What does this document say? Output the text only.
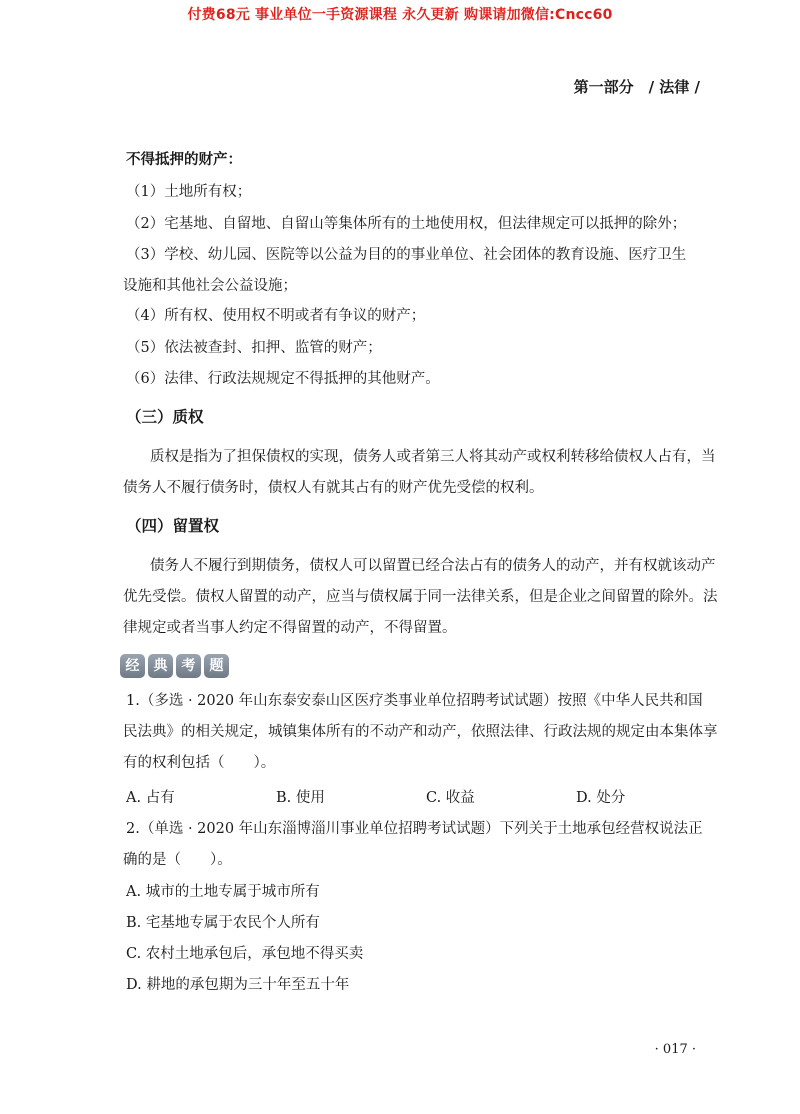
付费68元 事业单位一手资源课程 永久更新 购课请加微信:Cncc60
第一部分　/ 法律 /
不得抵押的财产：
（1）土地所有权；
（2）宅基地、自留地、自留山等集体所有的土地使用权，但法律规定可以抵押的除外；
（3）学校、幼儿园、医院等以公益为目的的事业单位、社会团体的教育设施、医疗卫生
设施和其他社会公益设施；
（4）所有权、使用权不明或者有争议的财产；
（5）依法被查封、扣押、监管的财产；
（6）法律、行政法规规定不得抵押的其他财产。
（三）质权
质权是指为了担保债权的实现，债务人或者第三人将其动产或权利转移给债权人占有，当
债务人不履行债务时，债权人有就其占有的财产优先受偿的权利。
（四）留置权
债务人不履行到期债务，债权人可以留置已经合法占有的债务人的动产，并有权就该动产
优先受偿。债权人留置的动产，应当与债权属于同一法律关系，但是企业之间留置的除外。法
律规定或者当事人约定不得留置的动产，不得留置。
经	典	考	题
1.（多选 · 2020 年山东泰安泰山区医疗类事业单位招聘考试试题）按照《中华人民共和国
民法典》的相关规定，城镇集体所有的不动产和动产，依照法律、行政法规的规定由本集体享
有的权利包括（　　）。
A. 占有	B. 使用	C. 收益	D. 处分
2.（单选 · 2020 年山东淄博淄川事业单位招聘考试试题）下列关于土地承包经营权说法正
确的是（　　）。
A. 城市的土地专属于城市所有
B. 宅基地专属于农民个人所有
C. 农村土地承包后，承包地不得买卖
D. 耕地的承包期为三十年至五十年
· 017 ·
